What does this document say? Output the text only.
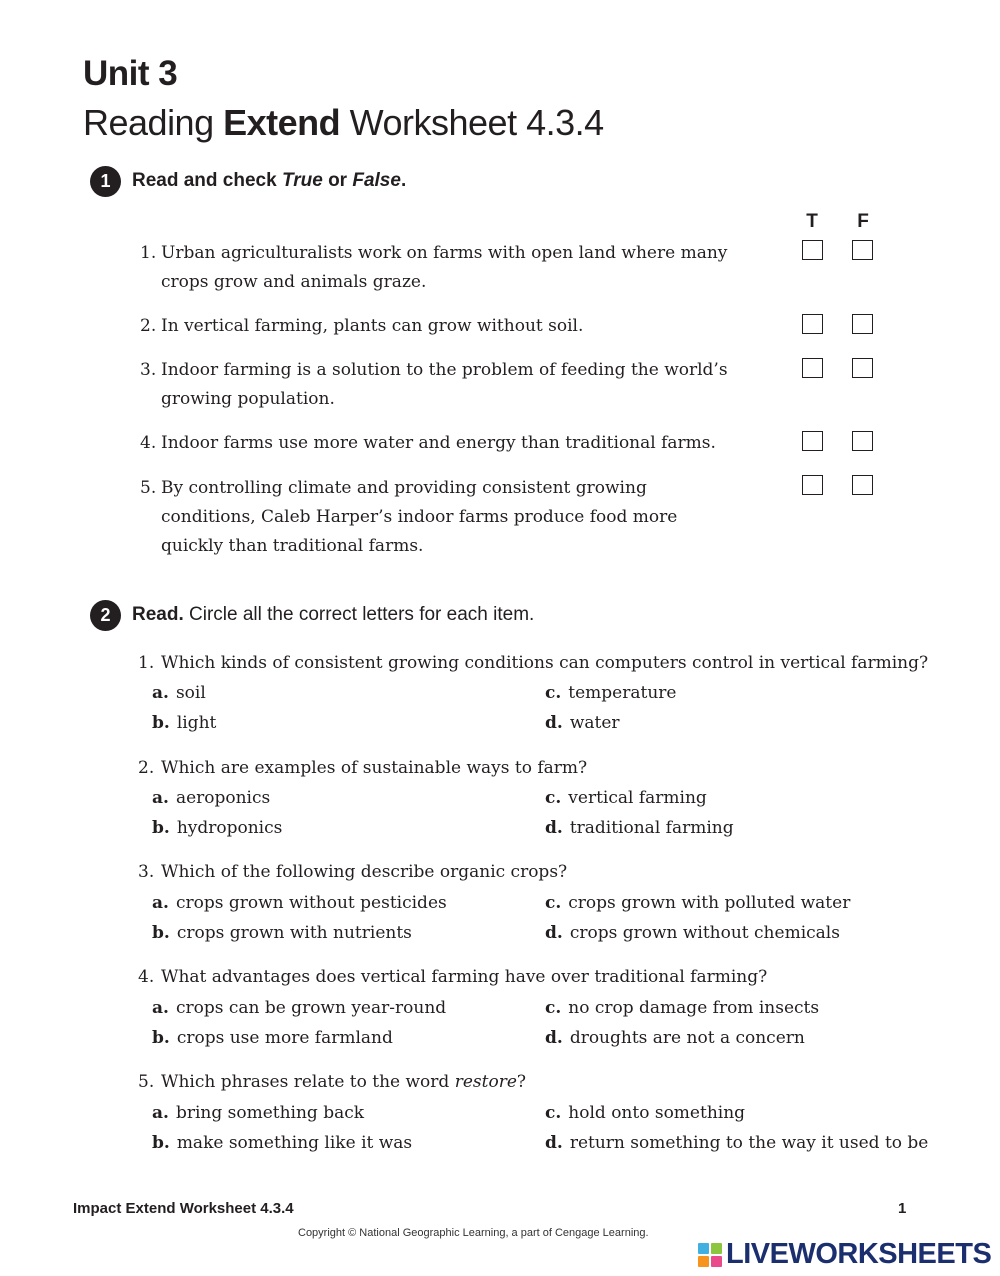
Unit 3
Reading Extend Worksheet 4.3.4
1	Read and check
True
or
False .
T	F
1. Urban agriculturalists work on farms with open land where many crops grow and animals graze.
2. In vertical farming, plants can grow without soil.
3. Indoor farming is a solution to the problem of feeding the world’s growing population.
4. Indoor farms use more water and energy than traditional farms.
5. By controlling climate and providing consistent growing conditions, Caleb Harper’s indoor farms produce food more quickly than traditional farms.
2	Read.
Circle all the correct letters for each item.
1. Which kinds of consistent growing conditions can computers control in vertical farming?
a. soil
b. light
c. temperature
d. water
2. Which are examples of sustainable ways to farm?
a. aeroponics
b. hydroponics
c. vertical farming
d. traditional farming
3. Which of the following describe organic crops?
a. crops grown without pesticides
b. crops grown with nutrients
c. crops grown with polluted water
d. crops grown without chemicals
4. What advantages does vertical farming have over traditional farming?
a. crops can be grown year-round
b. crops use more farmland
c. no crop damage from insects
d. droughts are not a concern
5. Which phrases relate to the word restore?
a. bring something back
b. make something like it was
c. hold onto something
d. return something to the way it used to be
Impact Extend Worksheet 4.3.4	1
Copyright © National Geographic Learning, a part of Cengage Learning.
LIVEWORKSHEETS
